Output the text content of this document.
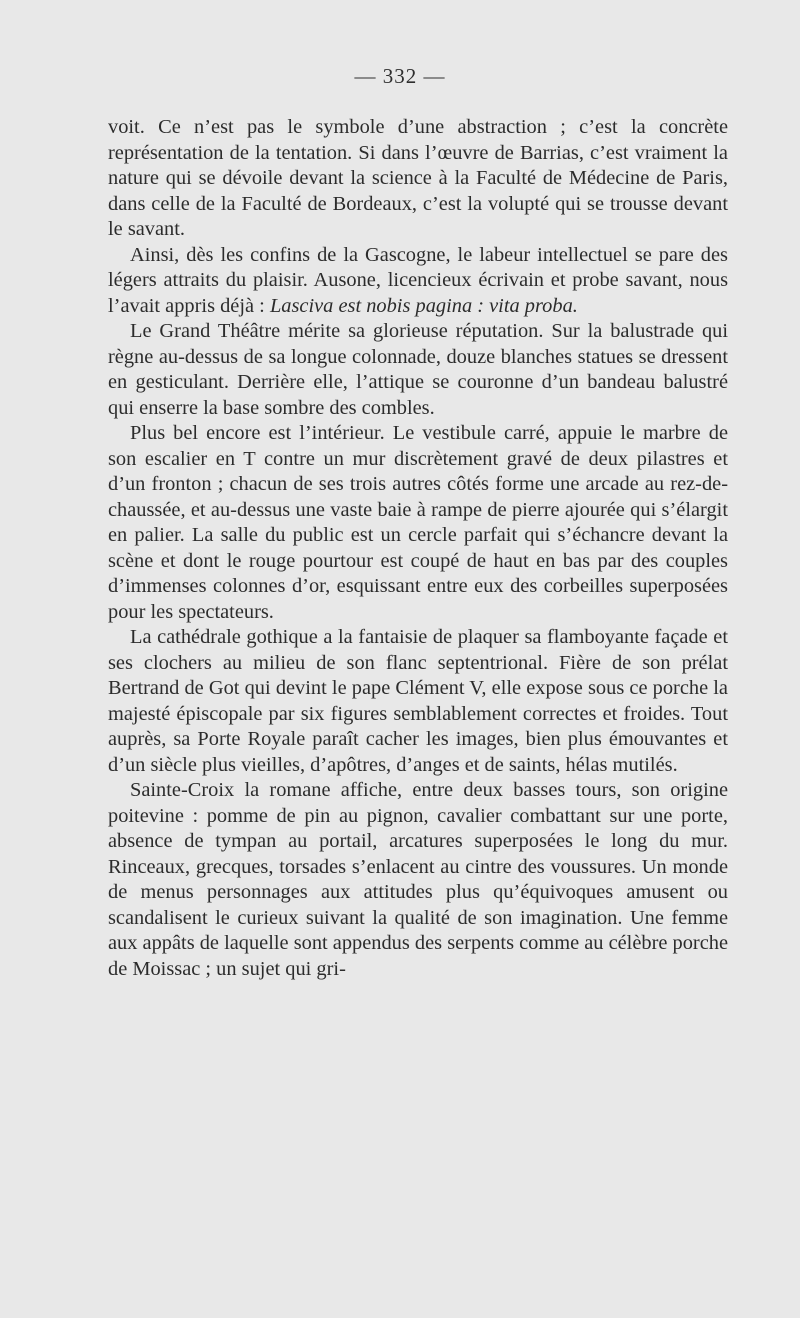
— 332 —

voit. Ce n’est pas le symbole d’une abstraction ; c’est la concrète représentation de la tentation. Si dans l’œuvre de Barrias, c’est vraiment la nature qui se dévoile devant la science à la Faculté de Médecine de Paris, dans celle de la Faculté de Bordeaux, c’est la volupté qui se trousse devant le savant.

Ainsi, dès les confins de la Gascogne, le labeur intellectuel se pare des légers attraits du plaisir. Ausone, licencieux écrivain et probe savant, nous l’avait appris déjà : Lasciva est nobis pagina : vita proba.

Le Grand Théâtre mérite sa glorieuse réputation. Sur la balustrade qui règne au-dessus de sa longue colonnade, douze blanches statues se dressent en gesticulant. Derrière elle, l’attique se couronne d’un bandeau balustré qui enserre la base sombre des combles.

Plus bel encore est l’intérieur. Le vestibule carré, appuie le marbre de son escalier en T contre un mur discrètement gravé de deux pilastres et d’un fronton ; chacun de ses trois autres côtés forme une arcade au rez-de-chaussée, et au-dessus une vaste baie à rampe de pierre ajourée qui s’élargit en palier. La salle du public est un cercle parfait qui s’échancre devant la scène et dont le rouge pourtour est coupé de haut en bas par des couples d’immenses colonnes d’or, esquissant entre eux des corbeilles superposées pour les spectateurs.

La cathédrale gothique a la fantaisie de plaquer sa flamboyante façade et ses clochers au milieu de son flanc septentrional. Fière de son prélat Bertrand de Got qui devint le pape Clément V, elle expose sous ce porche la majesté épiscopale par six figures semblablement correctes et froides. Tout auprès, sa Porte Royale paraît cacher les images, bien plus émouvantes et d’un siècle plus vieilles, d’apôtres, d’anges et de saints, hélas mutilés.

Sainte-Croix la romane affiche, entre deux basses tours, son origine poitevine : pomme de pin au pignon, cavalier combattant sur une porte, absence de tympan au portail, arcatures superposées le long du mur. Rinceaux, grecques, torsades s’enlacent au cintre des voussures. Un monde de menus personnages aux attitudes plus qu’équivoques amusent ou scandalisent le curieux suivant la qualité de son imagination. Une femme aux appâts de laquelle sont appendus des serpents comme au célèbre porche de Moissac ; un sujet qui gri-
